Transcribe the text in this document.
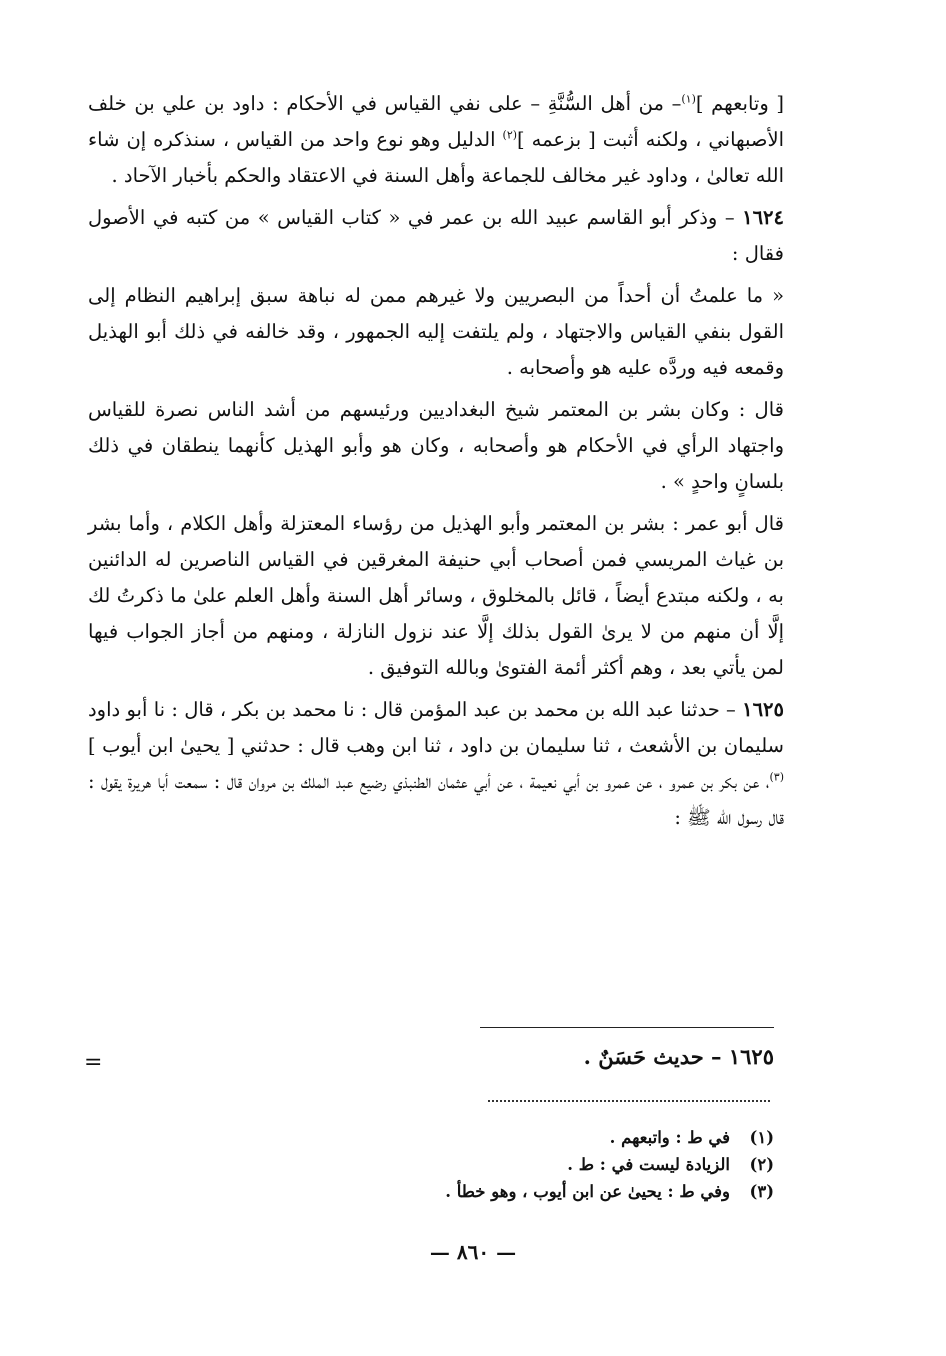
[ وتابعهم ]$^{(١)}$– من أهل السُّنَّةِ – على نفي القياس في الأحكام : داود بن علي بن خلف الأصبهاني ، ولكنه أثبت [ بزعمه ]$^{(٢)}$ الدليل وهو نوع واحد من القياس ، سنذكره إن شاء الله تعالىٰ ، وداود غير مخالف للجماعة وأهل السنة في الاعتقاد والحكم بأخبار الآحاد .

١٦٢٤ – وذكر أبو القاسم عبيد الله بن عمر في « كتاب القياس » من كتبه في الأصول فقال :

« ما علمتُ أن أحداً من البصريين ولا غيرهم ممن له نباهة سبق إبراهيم النظام إلى القول بنفي القياس والاجتهاد ، ولم يلتفت إليه الجمهور ، وقد خالفه في ذلك أبو الهذيل وقمعه فيه وردَّه عليه هو وأصحابه .

قال : وكان بشر بن المعتمر شيخ البغداديين ورئيسهم من أشد الناس نصرة للقياس واجتهاد الرأي في الأحكام هو وأصحابه ، وكان هو وأبو الهذيل كأنهما ينطقان في ذلك بلسانٍ واحدٍ » .

قال أبو عمر : بشر بن المعتمر وأبو الهذيل من رؤساء المعتزلة وأهل الكلام ، وأما بشر بن غياث المريسي فمن أصحاب أبي حنيفة المغرقين في القياس الناصرين له الدائنين به ، ولكنه مبتدع أيضاً ، قائل بالمخلوق ، وسائر أهل السنة وأهل العلم علىٰ ما ذكرتُ لك إلَّا أن منهم من لا يرىٰ القول بذلك إلَّا عند نزول النازلة ، ومنهم من أجاز الجواب فيها لمن يأتي بعد ، وهم أكثر أئمة الفتوىٰ وبالله التوفيق .

١٦٢٥ – حدثنا عبد الله بن محمد بن عبد المؤمن قال : نا محمد بن بكر ، قال : نا أبو داود سليمان بن الأشعث ، ثنا سليمان بن داود ، ثنا ابن وهب قال : حدثني [ يحيىٰ ابن أيوب ]$^{(٣)}$، عن بكر بن عمرو ، عن عمرو بن أبي نعيمة ، عن أبي عثمان الطنبذي رضيع عبد الملك بن مروان قال : سمعت أبا هريرة يقول : قال رسول الله ﷺ :

١٦٢٥ – حديث حَسَنٌ .
=
(١)
في ط : واتبعهم .
(٢)
الزيادة ليست في : ط .
(٣)
وفي ط : يحيىٰ عن ابن أيوب ، وهو خطأ .
— ٨٦٠ —
